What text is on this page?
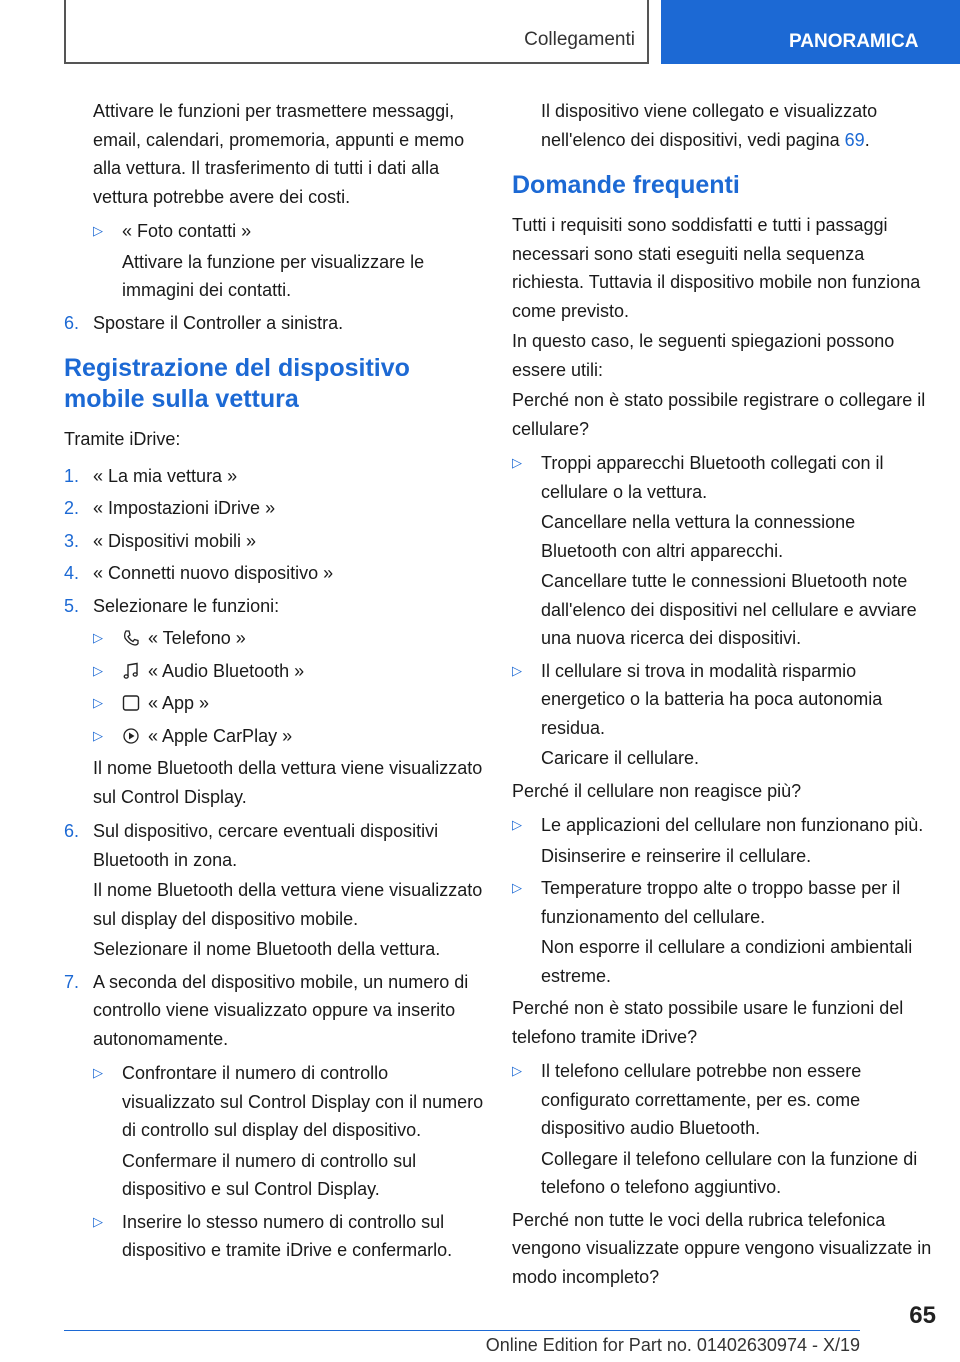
Collegamenti	PANORAMICA

Attivare le funzioni per trasmettere messaggi, email, calendari, promemoria, appunti e memo alla vettura. Il trasferimento di tutti i dati alla vettura potrebbe avere dei costi.

▷ « Foto contatti »

Attivare la funzione per visualizzare le immagini dei contatti.

6. Spostare il Controller a sinistra.
Registrazione del dispositivo mobile sulla vettura

Tramite iDrive:

1. « La mia vettura »
2. « Impostazioni iDrive »
3. « Dispositivi mobili »
4. « Connetti nuovo dispositivo »
5. Selezionare le funzioni:
▷	« Telefono »
▷	« Audio Bluetooth »
▷	« App »
▷	« Apple CarPlay »

Il nome Bluetooth della vettura viene visualizzato sul Control Display.

6. Sul dispositivo, cercare eventuali dispositivi Bluetooth in zona.

Il nome Bluetooth della vettura viene visualizzato sul display del dispositivo mobile.

Selezionare il nome Bluetooth della vettura.

7. A seconda del dispositivo mobile, un numero di controllo viene visualizzato oppure va inserito autonomamente.

▷ Confrontare il numero di controllo visualizzato sul Control Display con il numero di controllo sul display del dispositivo.

Confermare il numero di controllo sul dispositivo e sul Control Display.

▷ Inserire lo stesso numero di controllo sul dispositivo e tramite iDrive e confermarlo.

Il dispositivo viene collegato e visualizzato nell'elenco dei dispositivi, vedi pagina 69.

Domande frequenti

Tutti i requisiti sono soddisfatti e tutti i passaggi necessari sono stati eseguiti nella sequenza richiesta. Tuttavia il dispositivo mobile non funziona come previsto.

In questo caso, le seguenti spiegazioni possono essere utili:

Perché non è stato possibile registrare o collegare il cellulare?

▷ Troppi apparecchi Bluetooth collegati con il cellulare o la vettura.

Cancellare nella vettura la connessione Bluetooth con altri apparecchi.

Cancellare tutte le connessioni Bluetooth note dall'elenco dei dispositivi nel cellulare e avviare una nuova ricerca dei dispositivi.

▷ Il cellulare si trova in modalità risparmio energetico o la batteria ha poca autonomia residua.

Caricare il cellulare.

Perché il cellulare non reagisce più?

▷ Le applicazioni del cellulare non funzionano più.

Disinserire e reinserire il cellulare.

▷ Temperature troppo alte o troppo basse per il funzionamento del cellulare.

Non esporre il cellulare a condizioni ambientali estreme.

Perché non è stato possibile usare le funzioni del telefono tramite iDrive?

▷ Il telefono cellulare potrebbe non essere configurato correttamente, per es. come dispositivo audio Bluetooth.

Collegare il telefono cellulare con la funzione di telefono o telefono aggiuntivo.

Perché non tutte le voci della rubrica telefonica vengono visualizzate oppure vengono visualizzate in modo incompleto?

65
Online Edition for Part no. 01402630974 - X/19
